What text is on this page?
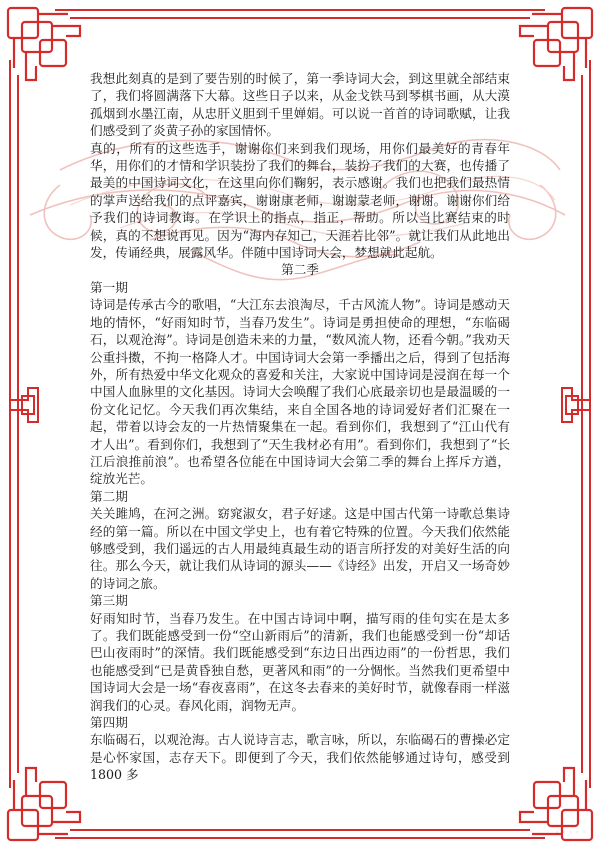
我想此刻真的是到了要告别的时候了，第一季诗词大会，到这里就全部结束了，我们将圆满落下大幕。这些日子以来，从金戈铁马到琴棋书画，从大漠孤烟到水墨江南，从忠肝义胆到千里婵娟。可以说一首首的诗词歌赋，让我们感受到了炎黄子孙的家国情怀。

真的，所有的这些选手，谢谢你们来到我们现场，用你们最美好的青春年华，用你们的才情和学识装扮了我们的舞台，装扮了我们的大赛，也传播了最美的中国诗词文化，在这里向你们鞠躬，表示感谢。我们也把我们最热情的掌声送给我们的点评嘉宾，谢谢康老师，谢谢蒙老师，谢谢。谢谢你们给予我们的诗词教诲。在学识上的指点，指正，帮助。所以当比赛结束的时候，真的不想说再见。因为“海内存知己，天涯若比邻”。就让我们从此地出发，传诵经典，展露风华。伴随中国诗词大会，梦想就此起航。

第二季

第一期

诗词是传承古今的歌唱，“大江东去浪淘尽，千古风流人物”。诗词是感动天地的情怀，“好雨知时节，当春乃发生”。诗词是勇担使命的理想，“东临碣石，以观沧海”。诗词是创造未来的力量，“数风流人物，还看今朝。”我劝天公重抖擞，不拘一格降人才。中国诗词大会第一季播出之后，得到了包括海外，所有热爱中华文化观众的喜爱和关注，大家说中国诗词是浸润在每一个中国人血脉里的文化基因。诗词大会唤醒了我们心底最亲切也是最温暖的一份文化记忆。今天我们再次集结，来自全国各地的诗词爱好者们汇聚在一起，带着以诗会友的一片热情聚集在一起。看到你们，我想到了“江山代有才人出”。看到你们，我想到了“天生我材必有用”。看到你们，我想到了“长江后浪推前浪”。也希望各位能在中国诗词大会第二季的舞台上挥斥方遒，绽放光芒。

第二期

关关雎鸠，在河之洲。窈窕淑女，君子好逑。这是中国古代第一诗歌总集诗经的第一篇。所以在中国文学史上，也有着它特殊的位置。今天我们依然能够感受到，我们遥远的古人用最纯真最生动的语言所抒发的对美好生活的向往。那么今天，就让我们从诗词的源头——《诗经》出发，开启又一场奇妙的诗词之旅。

第三期

好雨知时节，当春乃发生。在中国古诗词中啊，描写雨的佳句实在是太多了。我们既能感受到一份“空山新雨后”的清新，我们也能感受到一份“却话巴山夜雨时”的深情。我们既能感受到“东边日出西边雨”的一份哲思，我们也能感受到“已是黄昏独自愁，更著风和雨”的一分惆怅。当然我们更希望中国诗词大会是一场“春夜喜雨”，在这冬去春来的美好时节，就像春雨一样滋润我们的心灵。春风化雨，润物无声。

第四期

东临碣石，以观沧海。古人说诗言志，歌言咏，所以，东临碣石的曹操必定是心怀家国，志存天下。即便到了今天，我们依然能够通过诗句，感受到 1800 多

· · · · ·
